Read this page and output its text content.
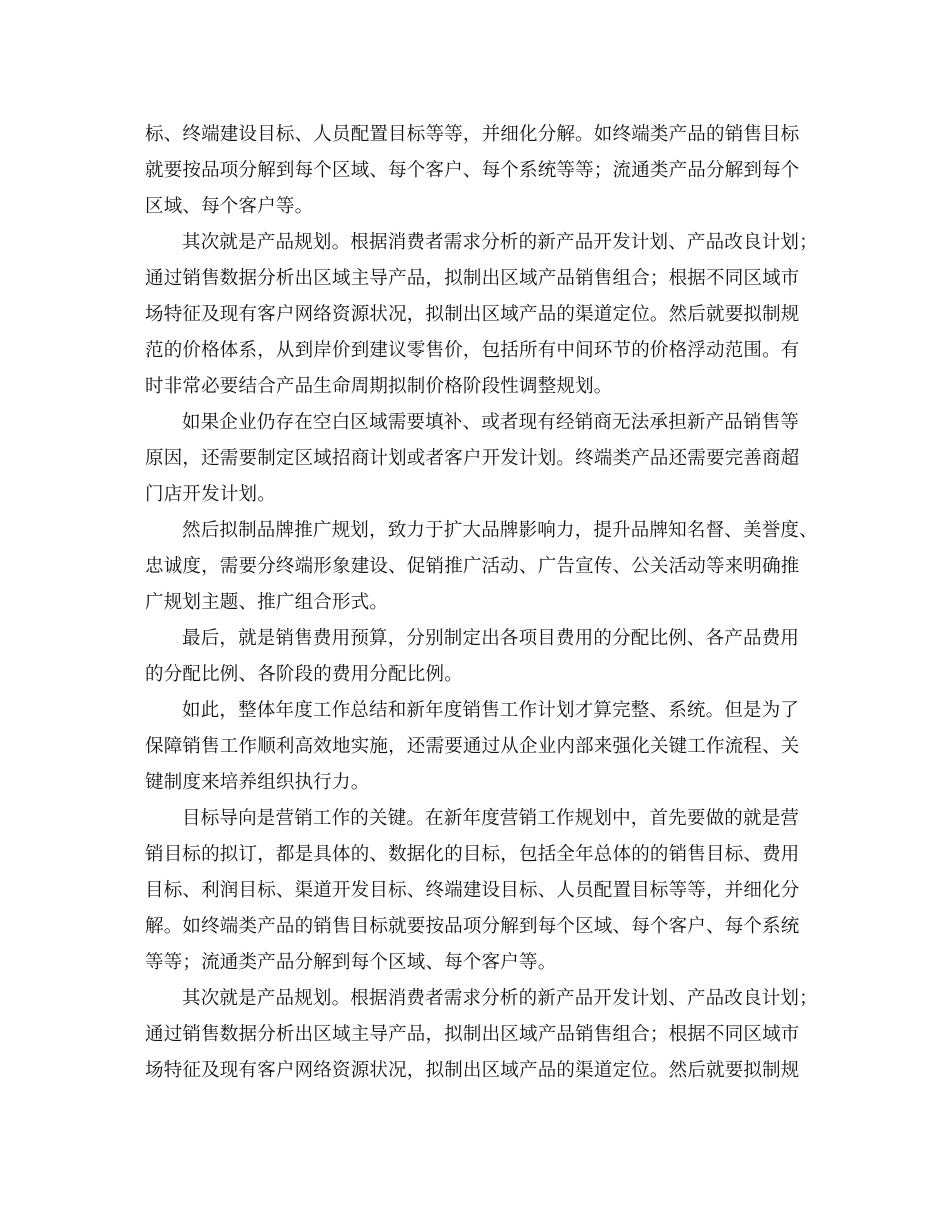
标、终端建设目标、人员配置目标等等，并细化分解。如终端类产品的销售目标
就要按品项分解到每个区域、每个客户、每个系统等等；流通类产品分解到每个
区域、每个客户等。
其次就是产品规划。根据消费者需求分析的新产品开发计划、产品改良计划；
通过销售数据分析出区域主导产品，拟制出区域产品销售组合；根据不同区域市
场特征及现有客户网络资源状况，拟制出区域产品的渠道定位。然后就要拟制规
范的价格体系，从到岸价到建议零售价，包括所有中间环节的价格浮动范围。有
时非常必要结合产品生命周期拟制价格阶段性调整规划。
如果企业仍存在空白区域需要填补、或者现有经销商无法承担新产品销售等
原因，还需要制定区域招商计划或者客户开发计划。终端类产品还需要完善商超
门店开发计划。
然后拟制品牌推广规划，致力于扩大品牌影响力，提升品牌知名督、美誉度、
忠诚度，需要分终端形象建设、促销推广活动、广告宣传、公关活动等来明确推
广规划主题、推广组合形式。
最后，就是销售费用预算，分别制定出各项目费用的分配比例、各产品费用
的分配比例、各阶段的费用分配比例。
如此，整体年度工作总结和新年度销售工作计划才算完整、系统。但是为了
保障销售工作顺利高效地实施，还需要通过从企业内部来强化关键工作流程、关
键制度来培养组织执行力。
目标导向是营销工作的关键。在新年度营销工作规划中，首先要做的就是营
销目标的拟订，都是具体的、数据化的目标，包括全年总体的的销售目标、费用
目标、利润目标、渠道开发目标、终端建设目标、人员配置目标等等，并细化分
解。如终端类产品的销售目标就要按品项分解到每个区域、每个客户、每个系统
等等；流通类产品分解到每个区域、每个客户等。
其次就是产品规划。根据消费者需求分析的新产品开发计划、产品改良计划；
通过销售数据分析出区域主导产品，拟制出区域产品销售组合；根据不同区域市
场特征及现有客户网络资源状况，拟制出区域产品的渠道定位。然后就要拟制规
